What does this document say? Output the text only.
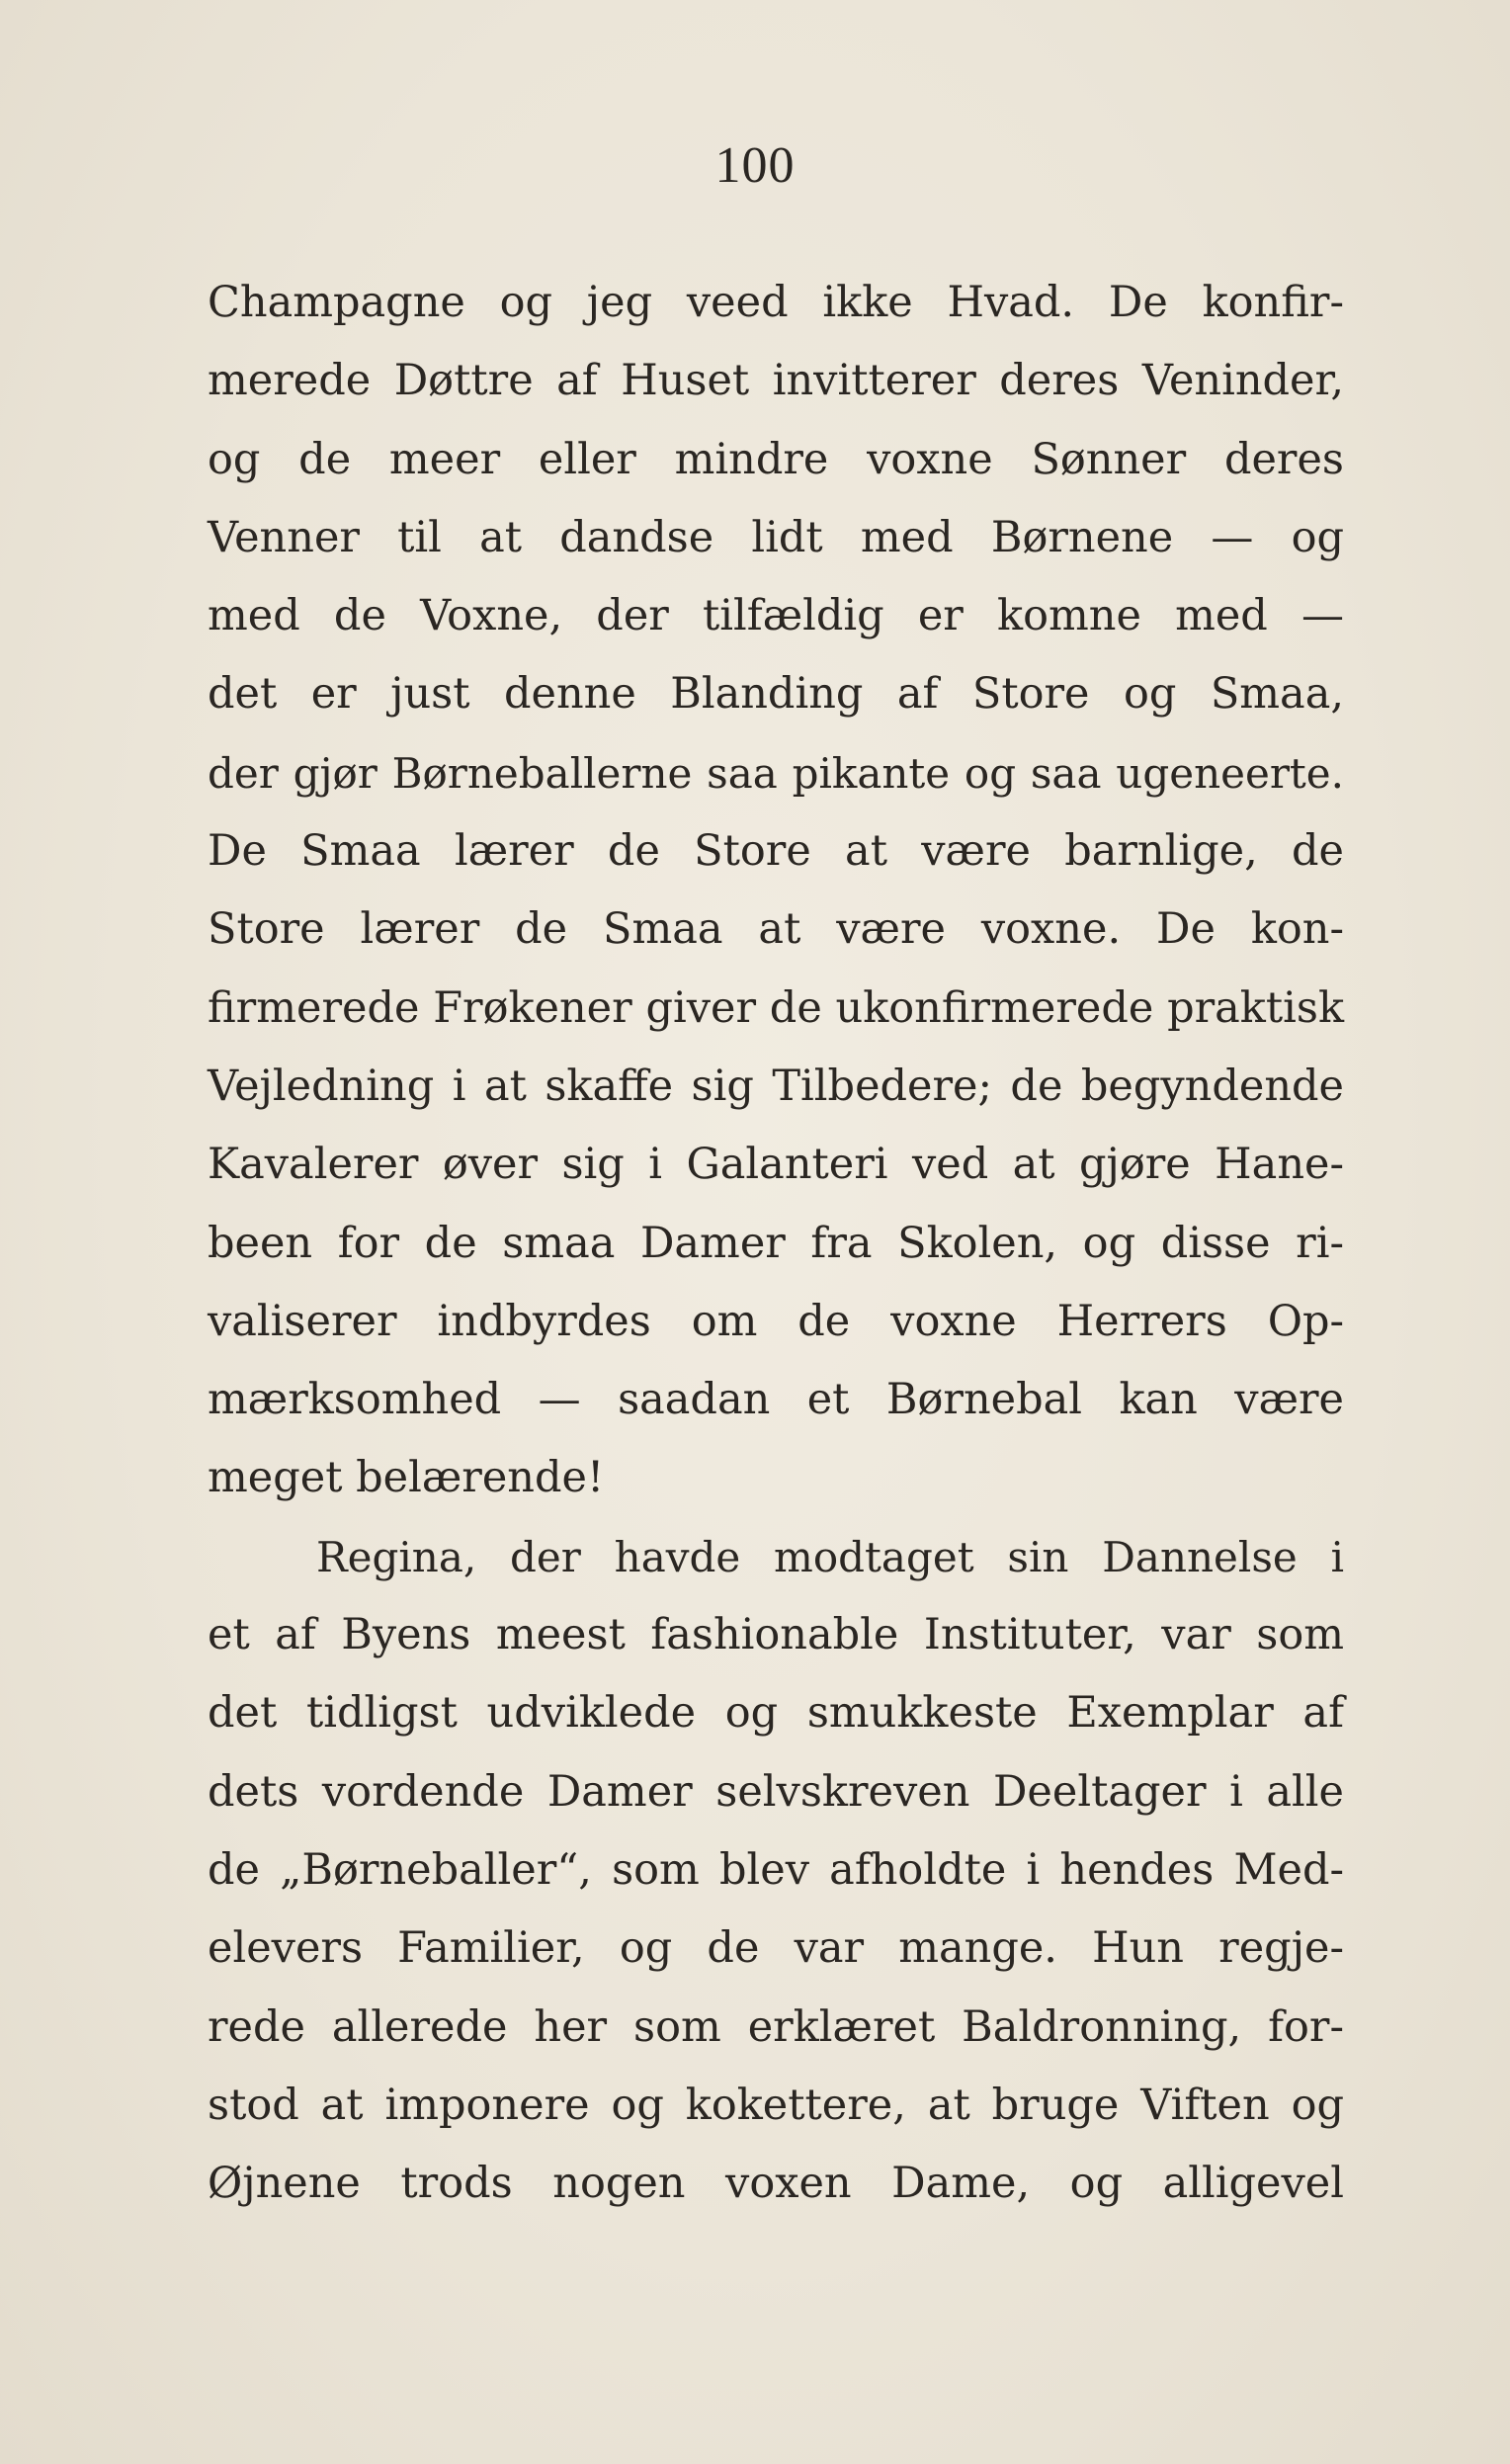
100
Champagne og jeg veed ikke Hvad. De konfir-
merede Døttre af Huset invitterer deres Veninder,
og de meer eller mindre voxne Sønner deres
Venner til at dandse lidt med Børnene — og
med de Voxne, der tilfældig er komne med —
det er just denne Blanding af Store og Smaa,
der gjør Børneballerne saa pikante og saa ugeneerte.
De Smaa lærer de Store at være barnlige, de
Store lærer de Smaa at være voxne. De kon-
firmerede Frøkener giver de ukonfirmerede praktisk
Vejledning i at skaffe sig Tilbedere; de begyndende
Kavalerer øver sig i Galanteri ved at gjøre Hane-
been for de smaa Damer fra Skolen, og disse ri-
valiserer indbyrdes om de voxne Herrers Op-
mærksomhed — saadan et Børnebal kan være
meget belærende!
Regina, der havde modtaget sin Dannelse i
et af Byens meest fashionable Instituter, var som
det tidligst udviklede og smukkeste Exemplar af
dets vordende Damer selvskreven Deeltager i alle
de „Børneballer“, som blev afholdte i hendes Med-
elevers Familier, og de var mange. Hun regje-
rede allerede her som erklæret Baldronning, for-
stod at imponere og kokettere, at bruge Viften og
Øjnene trods nogen voxen Dame, og alligevel
